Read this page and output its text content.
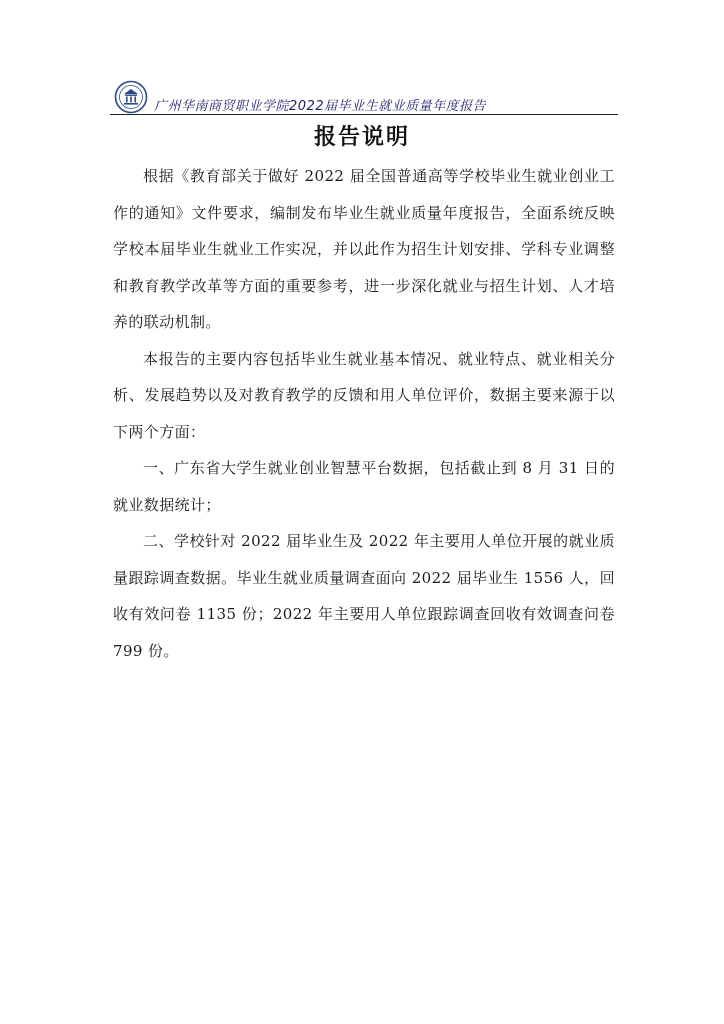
广州华南商贸职业学院2022届毕业生就业质量年度报告
报告说明

根据《教育部关于做好 2022 届全国普通高等学校毕业生就业创业工作的通知》文件要求，编制发布毕业生就业质量年度报告，全面系统反映学校本届毕业生就业工作实况，并以此作为招生计划安排、学科专业调整和教育教学改革等方面的重要参考，进一步深化就业与招生计划、人才培养的联动机制。

本报告的主要内容包括毕业生就业基本情况、就业特点、就业相关分析、发展趋势以及对教育教学的反馈和用人单位评价，数据主要来源于以下两个方面：

一、广东省大学生就业创业智慧平台数据，包括截止到 8 月 31 日的就业数据统计；

二、学校针对 2022 届毕业生及 2022 年主要用人单位开展的就业质量跟踪调查数据。毕业生就业质量调查面向 2022 届毕业生 1556 人，回收有效问卷 1135 份；2022 年主要用人单位跟踪调查回收有效调查问卷 799 份。
